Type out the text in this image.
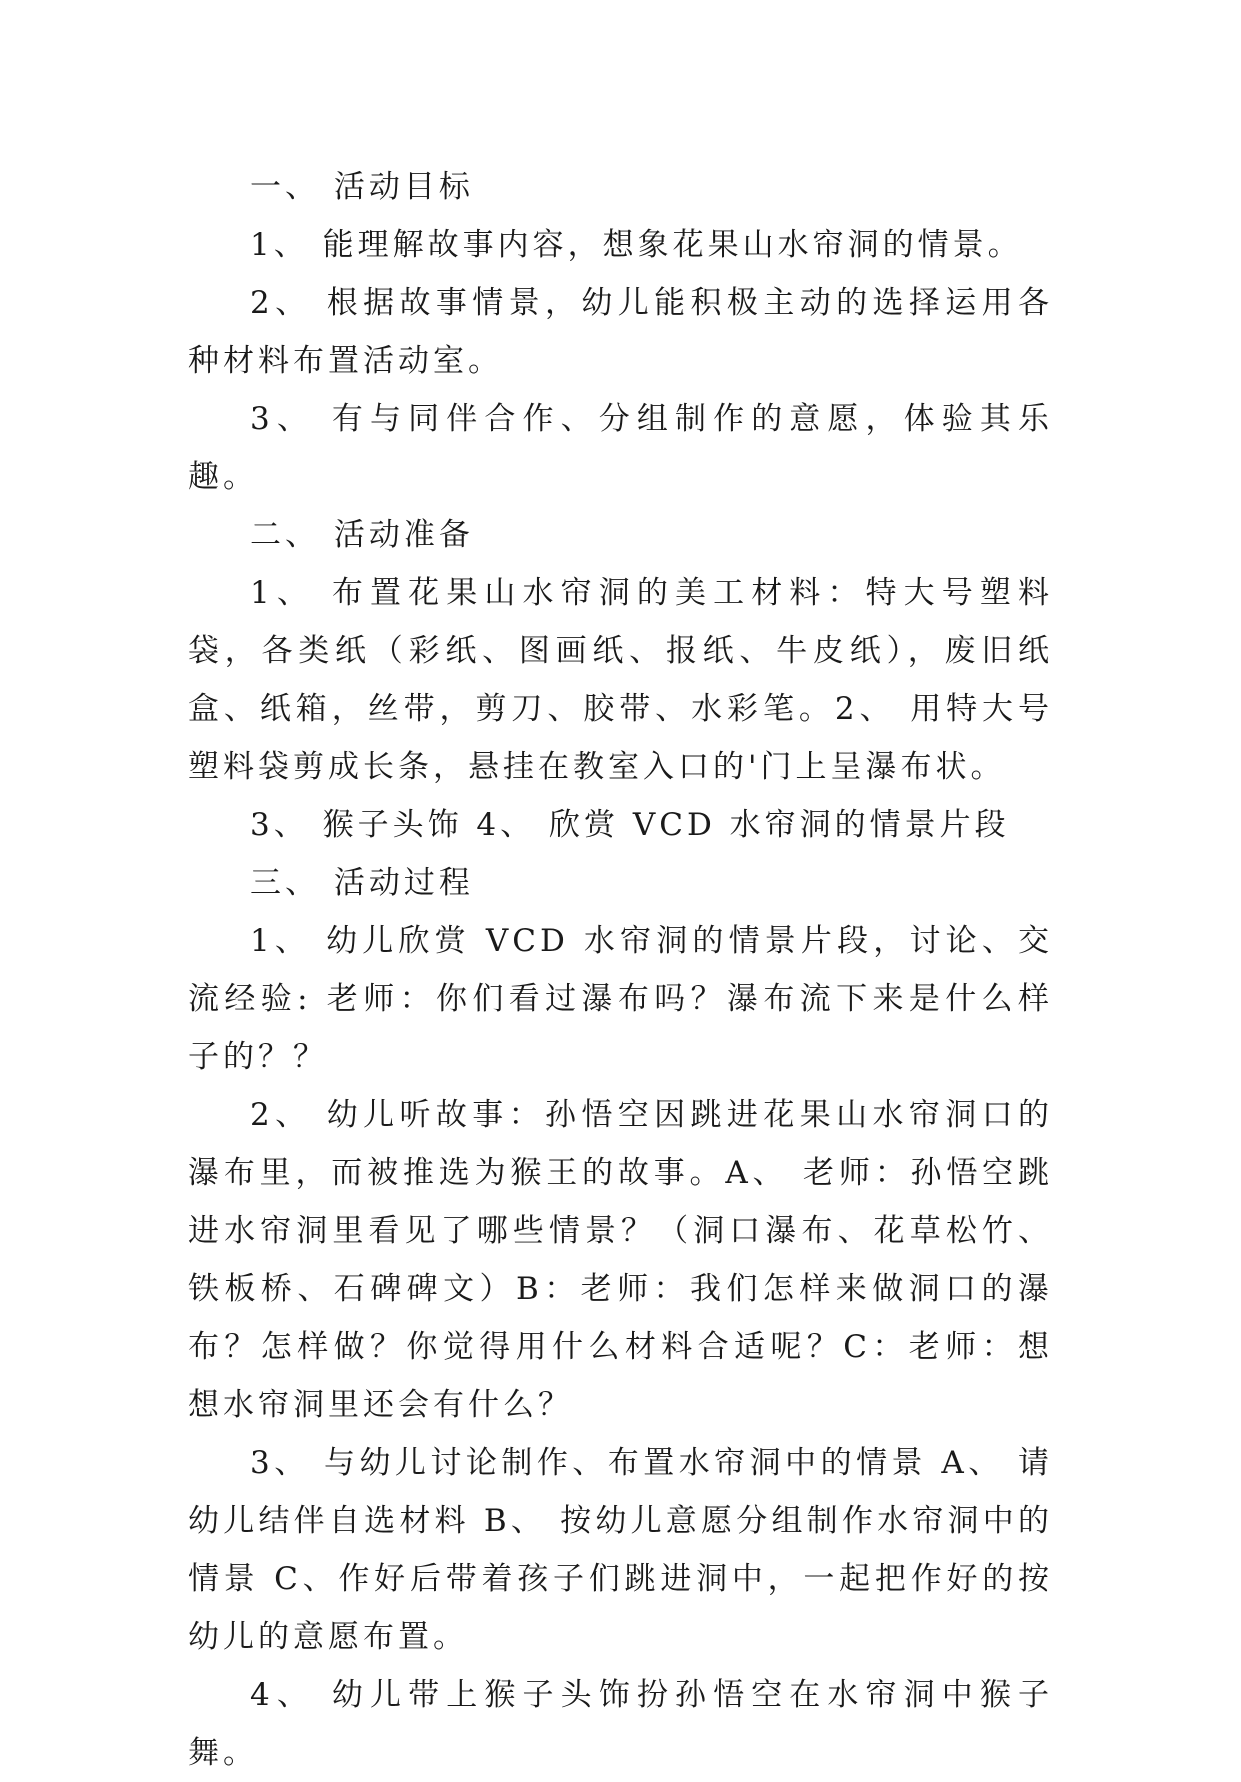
一、 活动目标

1、 能理解故事内容，想象花果山水帘洞的情景。

2、 根据故事情景，幼儿能积极主动的选择运用各种材料布置活动室。

3、 有与同伴合作、分组制作的意愿，体验其乐趣。

二、 活动准备

1、 布置花果山水帘洞的美工材料：特大号塑料袋，各类纸（彩纸、图画纸、报纸、牛皮纸），废旧纸盒、纸箱，丝带，剪刀、胶带、水彩笔。2、 用特大号塑料袋剪成长条，悬挂在教室入口的'门上呈瀑布状。

3、 猴子头饰 4、 欣赏 VCD 水帘洞的情景片段

三、 活动过程

1、 幼儿欣赏 VCD 水帘洞的情景片段，讨论、交流经验: 老师：你们看过瀑布吗？瀑布流下来是什么样子的？？

2、 幼儿听故事：孙悟空因跳进花果山水帘洞口的瀑布里，而被推选为猴王的故事。A、 老师：孙悟空跳进水帘洞里看见了哪些情景？（洞口瀑布、花草松竹、铁板桥、石碑碑文）B：老师：我们怎样来做洞口的瀑布？怎样做？你觉得用什么材料合适呢？C：老师：想想水帘洞里还会有什么？

3、 与幼儿讨论制作、布置水帘洞中的情景 A、 请幼儿结伴自选材料 B、 按幼儿意愿分组制作水帘洞中的情景 C、作好后带着孩子们跳进洞中，一起把作好的按幼儿的意愿布置。

4、 幼儿带上猴子头饰扮孙悟空在水帘洞中猴子舞。
